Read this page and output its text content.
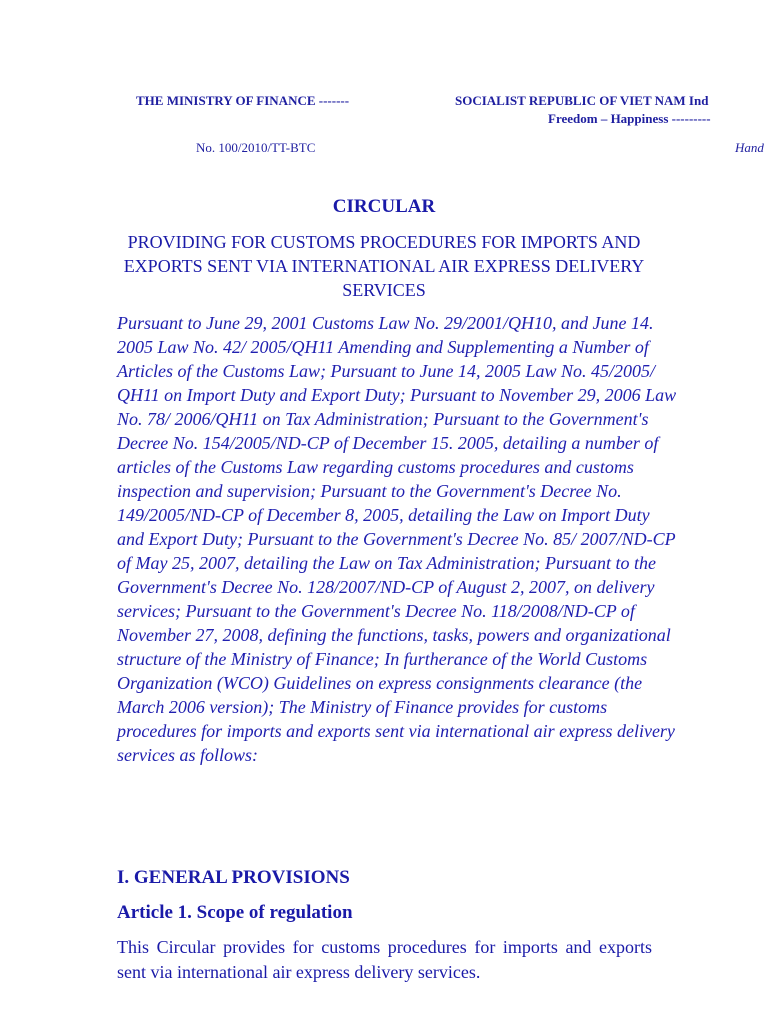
THE MINISTRY OF FINANCE -------	SOCIALIST REPUBLIC OF VIET NAM Ind
Freedom – Happiness ---------
No. 100/2010/TT-BTC	Hand
CIRCULAR
PROVIDING FOR CUSTOMS PROCEDURES FOR IMPORTS AND EXPORTS SENT VIA INTERNATIONAL AIR EXPRESS DELIVERY SERVICES
Pursuant to June 29, 2001 Customs Law No. 29/2001/QH10, and June 14. 2005 Law No. 42/ 2005/QH11 Amending and Supplementing a Number of Articles of the Customs Law; Pursuant to June 14, 2005 Law No. 45/2005/ QH11 on Import Duty and Export Duty; Pursuant to November 29, 2006 Law No. 78/ 2006/QH11 on Tax Administration; Pursuant to the Government's Decree No. 154/2005/ND-CP of December 15. 2005, detailing a number of articles of the Customs Law regarding customs procedures and customs inspection and supervision; Pursuant to the Government's Decree No. 149/2005/ND-CP of December 8, 2005, detailing the Law on Import Duty and Export Duty; Pursuant to the Government's Decree No. 85/ 2007/ND-CP of May 25, 2007, detailing the Law on Tax Administration; Pursuant to the Government's Decree No. 128/2007/ND-CP of August 2, 2007, on delivery services; Pursuant to the Government's Decree No. 118/2008/ND-CP of November 27, 2008, defining the functions, tasks, powers and organizational structure of the Ministry of Finance; In furtherance of the World Customs Organization (WCO) Guidelines on express consignments clearance (the March 2006 version); The Ministry of Finance provides for customs procedures for imports and exports sent via international air express delivery services as follows:
I. GENERAL PROVISIONS
Article 1. Scope of regulation
This Circular provides for customs procedures for imports and exports sent via international air express delivery services.
